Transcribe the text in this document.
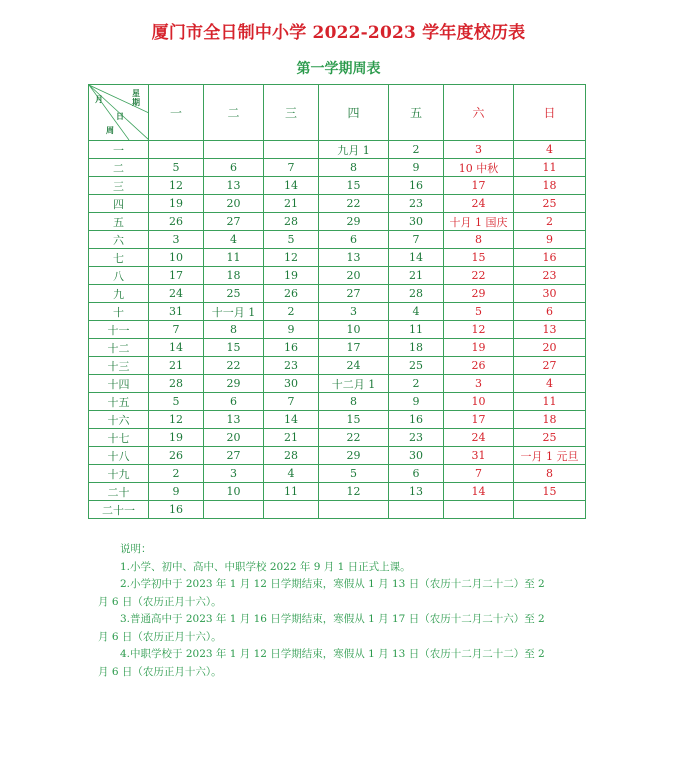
厦门市全日制中小学 2022-2023 学年度校历表
第一学期周表
月
星期
日
周	一	二	三	四	五	六	日
一				九月 1	2	3	4
二	5	6	7	8	9	10 中秋	11
三	12	13	14	15	16	17	18
四	19	20	21	22	23	24	25
五	26	27	28	29	30	十月 1 国庆	2
六	3	4	5	6	7	8	9
七	10	11	12	13	14	15	16
八	17	18	19	20	21	22	23
九	24	25	26	27	28	29	30
十	31	十一月 1	2	3	4	5	6
十一	7	8	9	10	11	12	13
十二	14	15	16	17	18	19	20
十三	21	22	23	24	25	26	27
十四	28	29	30	十二月 1	2	3	4
十五	5	6	7	8	9	10	11
十六	12	13	14	15	16	17	18
十七	19	20	21	22	23	24	25
十八	26	27	28	29	30	31	一月 1 元旦
十九	2	3	4	5	6	7	8
二十	9	10	11	12	13	14	15
二十一	16						

说明：

1.小学、初中、高中、中职学校 2022 年 9 月 1 日正式上课。

2.小学初中于 2023 年 1 月 12 日学期结束，寒假从 1 月 13 日（农历十二月二十二）至 2

月 6 日（农历正月十六）。

3.普通高中于 2023 年 1 月 16 日学期结束，寒假从 1 月 17 日（农历十二月二十六）至 2

月 6 日（农历正月十六）。

4.中职学校于 2023 年 1 月 12 日学期结束，寒假从 1 月 13 日（农历十二月二十二）至 2

月 6 日（农历正月十六）。
